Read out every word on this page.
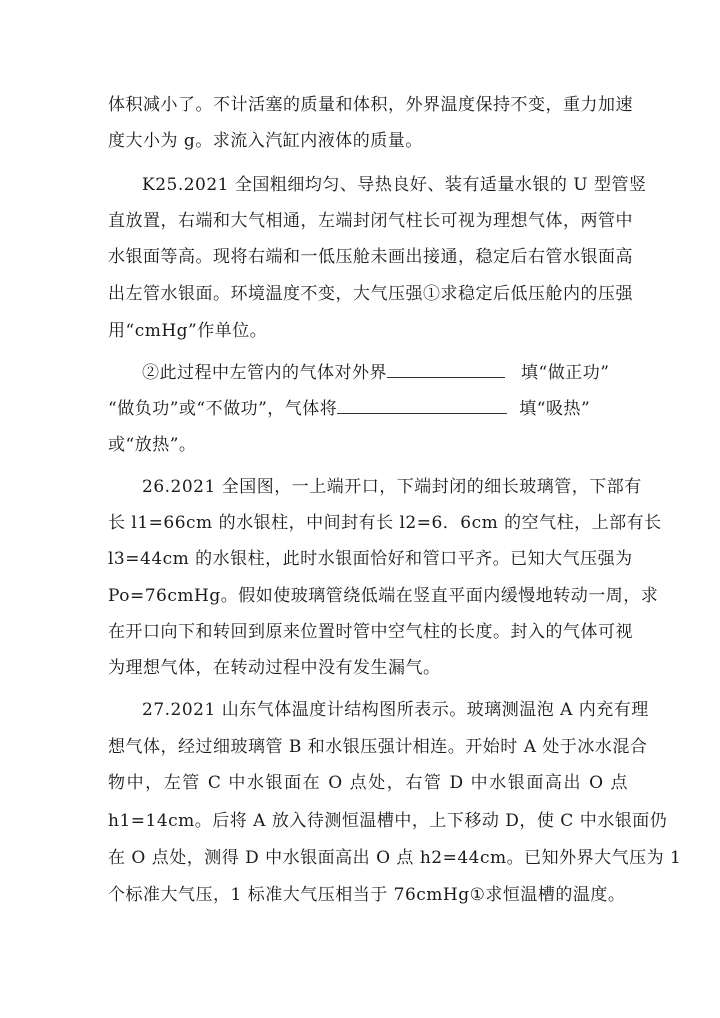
体积减小了。不计活塞的质量和体积，外界温度保持不变，重力加速
度大小为 g。求流入汽缸内液体的质量。
K25.2021 全国粗细均匀、导热良好、装有适量水银的 U 型管竖
直放置，右端和大气相通，左端封闭气柱长可视为理想气体，两管中
水银面等高。现将右端和一低压舱未画出接通，稳定后右管水银面高
出左管水银面。环境温度不变，大气压强①求稳定后低压舱内的压强
用“cmHg”作单位。
②此过程中左管内的气体对外界	填“做正功”
“做负功”或“不做功”，气体将	填“吸热”
或“放热”。
26.2021 全国图，一上端开口，下端封闭的细长玻璃管，下部有
长 l1=66cm 的水银柱，中间封有长 l2=6．6cm 的空气柱，上部有长
l3=44cm 的水银柱，此时水银面恰好和管口平齐。已知大气压强为
Po=76cmHg。假如使玻璃管绕低端在竖直平面内缓慢地转动一周，求
在开口向下和转回到原来位置时管中空气柱的长度。封入的气体可视
为理想气体，在转动过程中没有发生漏气。
27.2021 山东气体温度计结构图所表示。玻璃测温泡 A 内充有理
想气体，经过细玻璃管 B 和水银压强计相连。开始时 A 处于冰水混合
物中，左管 C 中水银面在 O 点处，右管 D 中水银面高出 O 点
h1=14cm。后将 A 放入待测恒温槽中，上下移动 D，使 C 中水银面仍
在 O 点处，测得 D 中水银面高出 O 点 h2=44cm。已知外界大气压为 1
个标准大气压，1 标准大气压相当于 76cmHg①求恒温槽的温度。
